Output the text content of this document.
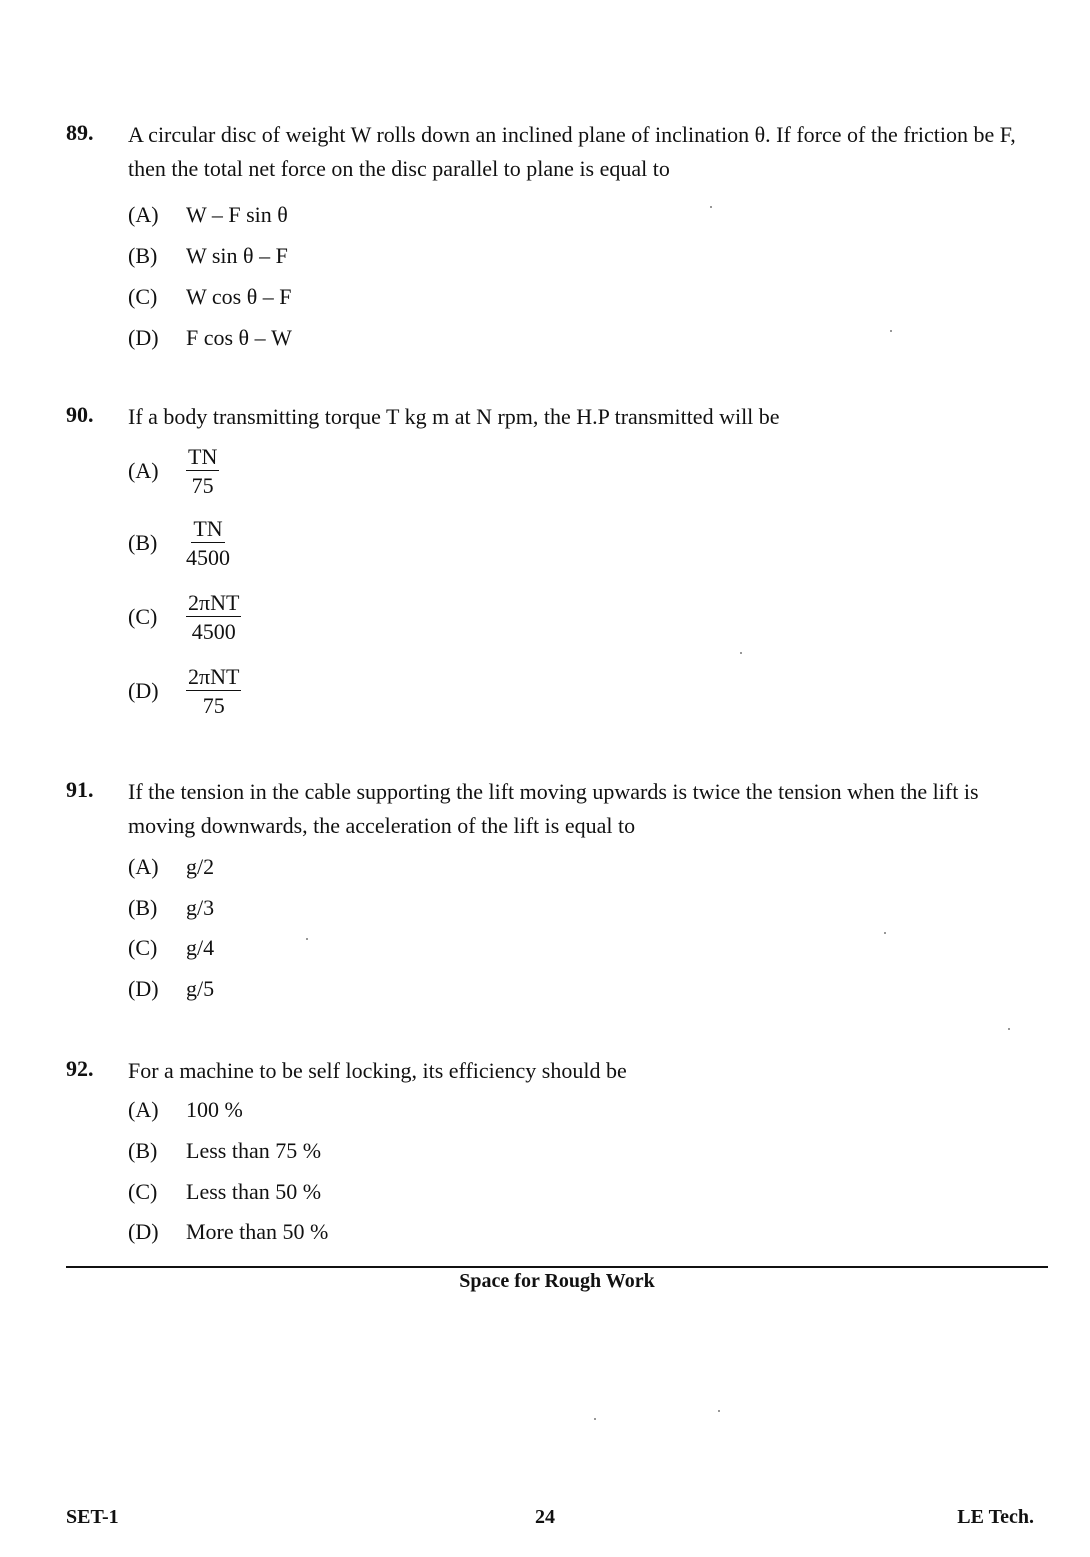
89. A circular disc of weight W rolls down an inclined plane of inclination θ. If force of the friction be F, then the total net force on the disc parallel to plane is equal to
(A) W – F sin θ
(B) W sin θ – F
(C) W cos θ – F
(D) F cos θ – W
90. If a body transmitting torque T kg m at N rpm, the H.P transmitted will be
$(A) \frac{TN}{75}$
$(B) \frac{TN}{4500}$
(C)
2πNT
4500
(D)
2πNT
75
91. If the tension in the cable supporting the lift moving upwards is twice the tension when the lift is moving downwards, the acceleration of the lift is equal to
(A) g/2
(B) g/3
(C) g/4
(D) g/5
92. For a machine to be self locking, its efficiency should be
(A) 100 %
(B) Less than 75 %
(C) Less than 50 %
(D) More than 50 %
Space for Rough Work
SET-1	24	LE Tech.
